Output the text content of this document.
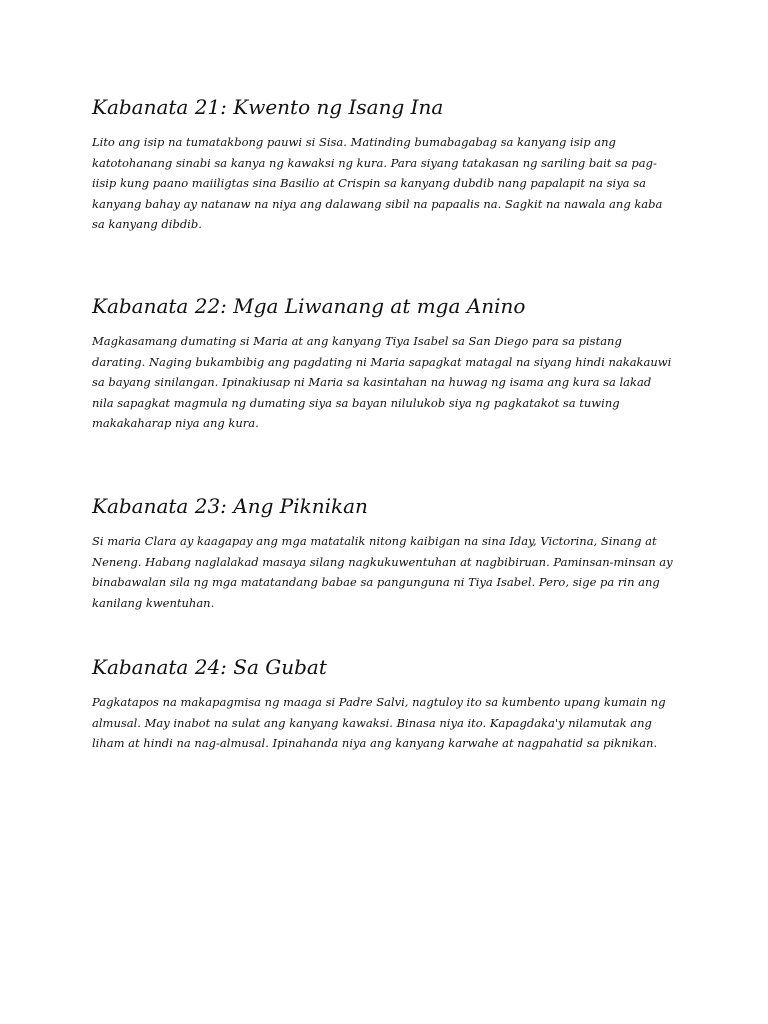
Kabanata 21: Kwento ng Isang Ina

Lito ang isip na tumatakbong pauwi si Sisa. Matinding bumabagabag sa kanyang isip ang katotohanang sinabi sa kanya ng kawaksi ng kura. Para siyang tatakasan ng sariling bait sa pag-iisip kung paano maiiligtas sina Basilio at Crispin sa kanyang dubdib nang papalapit na siya sa kanyang bahay ay natanaw na niya ang dalawang sibil na papaalis na. Sagkit na nawala ang kaba sa kanyang dibdib.

Kabanata 22: Mga Liwanang at mga Anino

Magkasamang dumating si Maria at ang kanyang Tiya Isabel sa San Diego para sa pistang darating. Naging bukambibig ang pagdating ni Maria sapagkat matagal na siyang hindi nakakauwi sa bayang sinilangan. Ipinakiusap ni Maria sa kasintahan na huwag ng isama ang kura sa lakad nila sapagkat magmula ng dumating siya sa bayan nilulukob siya ng pagkatakot sa tuwing makakaharap niya ang kura.

Kabanata 23: Ang Piknikan

Si maria Clara ay kaagapay ang mga matatalik nitong kaibigan na sina Iday, Victorina, Sinang at Neneng. Habang naglalakad masaya silang nagkukuwentuhan at nagbibiruan. Paminsan-minsan ay binabawalan sila ng mga matatandang babae sa pangunguna ni Tiya Isabel. Pero, sige pa rin ang kanilang kwentuhan.

Kabanata 24: Sa Gubat

Pagkatapos na makapagmisa ng maaga si Padre Salvi, nagtuloy ito sa kumbento upang kumain ng almusal. May inabot na sulat ang kanyang kawaksi. Binasa niya ito. Kapagdaka'y nilamutak ang liham at hindi na nag-almusal. Ipinahanda niya ang kanyang karwahe at nagpahatid sa piknikan.
